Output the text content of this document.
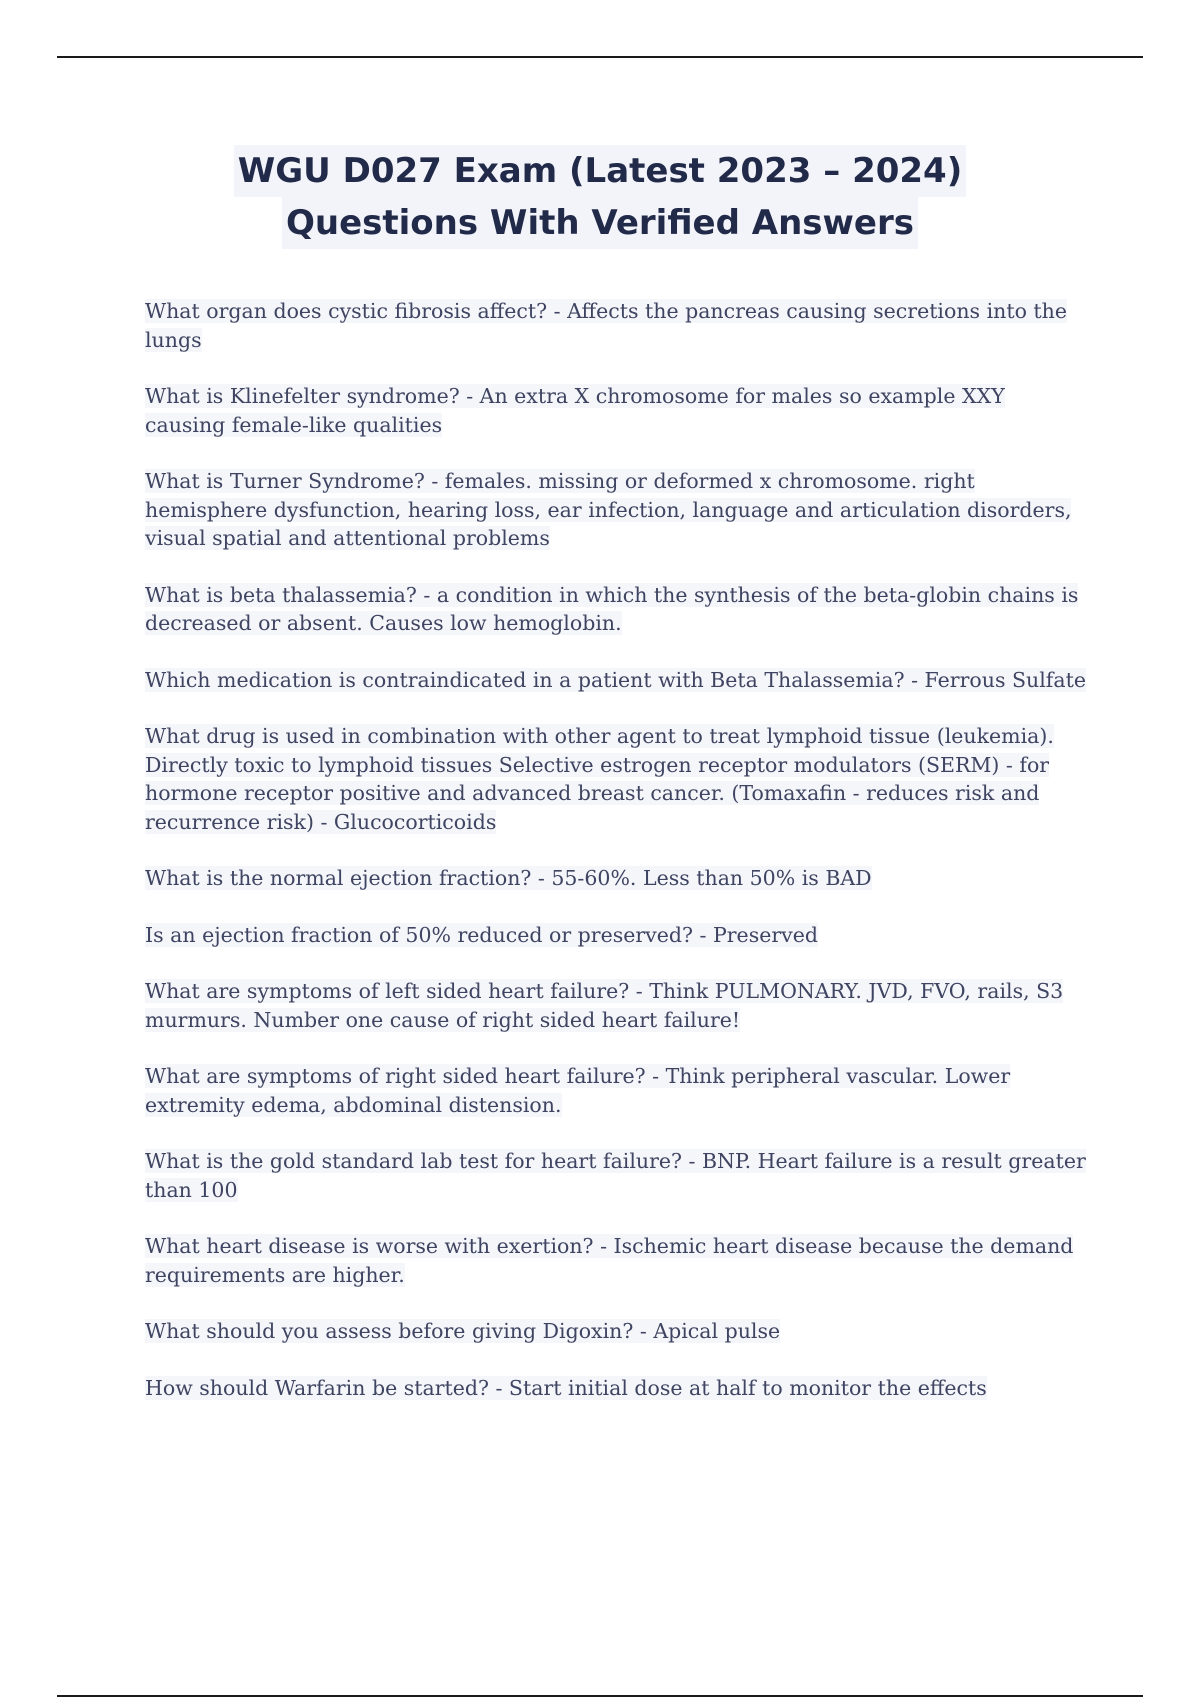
WGU D027 Exam (Latest 2023 – 2024)
Questions With Verified Answers
What organ does cystic fibrosis affect? - Affects the pancreas causing secretions into the lungs
What is Klinefelter syndrome? - An extra X chromosome for males so example XXY causing female-like qualities
What is Turner Syndrome? - females. missing or deformed x chromosome. right hemisphere dysfunction, hearing loss, ear infection, language and articulation disorders, visual spatial and attentional problems
What is beta thalassemia? - a condition in which the synthesis of the beta-globin chains is decreased or absent. Causes low hemoglobin.
Which medication is contraindicated in a patient with Beta Thalassemia? - Ferrous Sulfate
What drug is used in combination with other agent to treat lymphoid tissue (leukemia). Directly toxic to lymphoid tissues Selective estrogen receptor modulators (SERM) - for hormone receptor positive and advanced breast cancer. (Tomaxafin - reduces risk and recurrence risk) - Glucocorticoids
What is the normal ejection fraction? - 55-60%. Less than 50% is BAD
Is an ejection fraction of 50% reduced or preserved? - Preserved
What are symptoms of left sided heart failure? - Think PULMONARY. JVD, FVO, rails, S3 murmurs. Number one cause of right sided heart failure!
What are symptoms of right sided heart failure? - Think peripheral vascular. Lower extremity edema, abdominal distension.
What is the gold standard lab test for heart failure? - BNP. Heart failure is a result greater than 100
What heart disease is worse with exertion? - Ischemic heart disease because the demand requirements are higher.
What should you assess before giving Digoxin? - Apical pulse
How should Warfarin be started? - Start initial dose at half to monitor the effects
